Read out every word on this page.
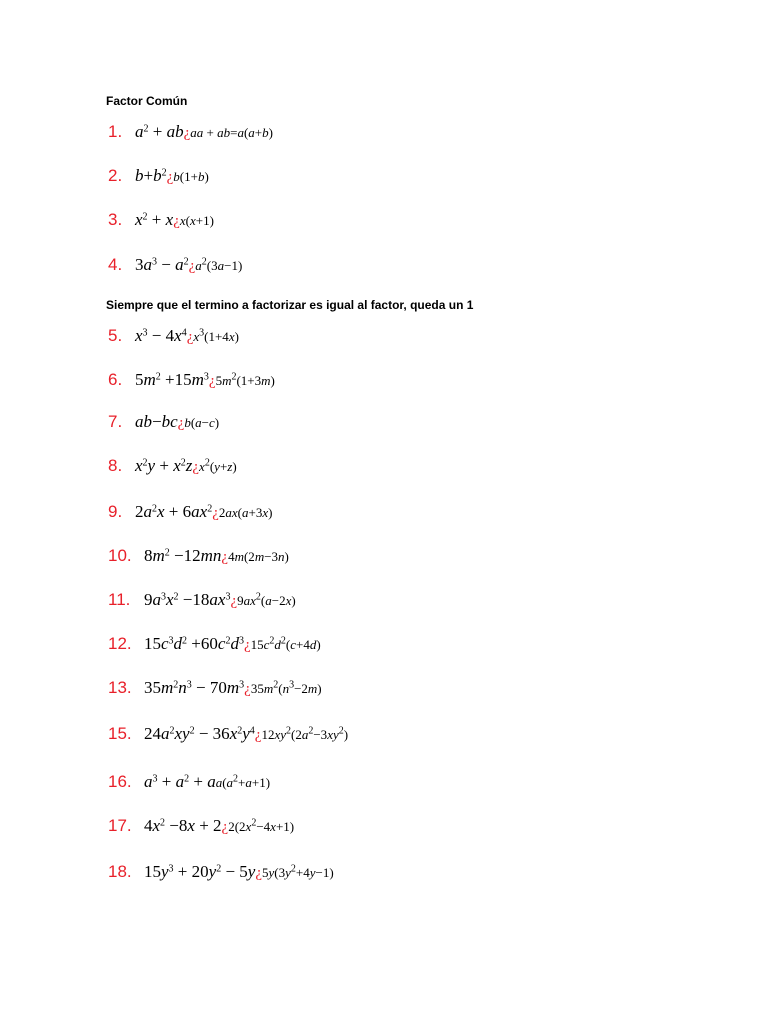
Factor Común
1. $a^2$ + ab¿aa + ab=a(a+b)
2. $b+b^2¿b(1+b)$
3. $x^2$ + x¿x(x+1)
4. $3a^3$ − $a^2¿a^2(3a-1)$
Siempre que el termino a factorizar es igual al factor, queda un 1
5. $x^3$ − $4x^4¿x^3(1+4x)$
6. $5m^2$ $+15m^3¿5m^2(1+3m)$
7. ab−bc¿b(a−c)
8. $x^2y$ + $x^2z¿x^2(y+z)$
9. $2a^2x$ + $6ax^2¿2ax(a+3x)$
10. $8m^2$ −12mn¿4m(2m−3n)
11. $9a^3x^2$ $-18ax^3¿9ax^2(a-2x)$
12. $15c^3d^2$ $+60c^2d^3¿15c^2d^2(c+4d)$
13. $35m^2n^3$ − $70m^3¿35m^2(n^3-2m)$
15. $24a^2xy^2$ − $36x^2y^4¿12xy^2(2a^2-3xy^2)$
16. $a^3 + a^2 + aa(a^2+a+1)$
17. $4x^2 -8x$ + $2¿2(2x^2-4x+1)$
18. $15y^3 + 20y^2$ − $5y¿5y(3y^2+4y-1)$
